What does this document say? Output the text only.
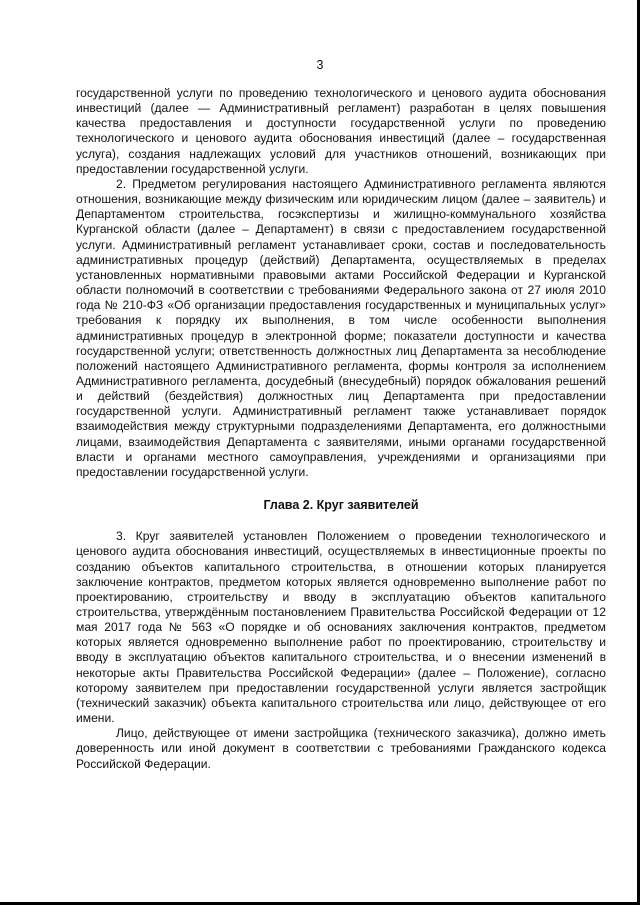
3

государственной услуги по проведению технологического и ценового аудита обоснования инвестиций (далее — Административный регламент) разработан в целях повышения качества предоставления и доступности государственной услуги по проведению технологического и ценового аудита обоснования инвестиций (далее – государственная услуга), создания надлежащих условий для участников отношений, возникающих при предоставлении государственной услуги.

2. Предметом регулирования настоящего Административного регламента являются отношения, возникающие между физическим или юридическим лицом (далее – заявитель) и Департаментом строительства, госэкспертизы и жилищно-коммунального хозяйства Курганской области (далее – Департамент) в связи с предоставлением государственной услуги. Административный регламент устанавливает сроки, состав и последовательность административных процедур (действий) Департамента, осуществляемых в пределах установленных нормативными правовыми актами Российской Федерации и Курганской области полномочий в соответствии с требованиями Федерального закона от 27 июля 2010 года № 210-ФЗ «Об организации предоставления государственных и муниципальных услуг» требования к порядку их выполнения, в том числе особенности выполнения административных процедур в электронной форме; показатели доступности и качества государственной услуги; ответственность должностных лиц Департамента за несоблюдение положений настоящего Административного регламента, формы контроля за исполнением Административного регламента, досудебный (внесудебный) порядок обжалования решений и действий (бездействия) должностных лиц Департамента при предоставлении государственной услуги. Административный регламент также устанавливает порядок взаимодействия между структурными подразделениями Департамента, его должностными лицами, взаимодействия Департамента с заявителями, иными органами государственной власти и органами местного самоуправления, учреждениями и организациями при предоставлении государственной услуги.

Глава 2. Круг заявителей

3. Круг заявителей установлен Положением о проведении технологического и ценового аудита обоснования инвестиций, осуществляемых в инвестиционные проекты по созданию объектов капитального строительства, в отношении которых планируется заключение контрактов, предметом которых является одновременно выполнение работ по проектированию, строительству и вводу в эксплуатацию объектов капитального строительства, утверждённым постановлением Правительства Российской Федерации от 12 мая 2017 года № 563 «О порядке и об основаниях заключения контрактов, предметом которых является одновременно выполнение работ по проектированию, строительству и вводу в эксплуатацию объектов капитального строительства, и о внесении изменений в некоторые акты Правительства Российской Федерации» (далее – Положение), согласно которому заявителем при предоставлении государственной услуги является застройщик (технический заказчик) объекта капитального строительства или лицо, действующее от его имени.

Лицо, действующее от имени застройщика (технического заказчика), должно иметь доверенность или иной документ в соответствии с требованиями Гражданского кодекса Российской Федерации.
